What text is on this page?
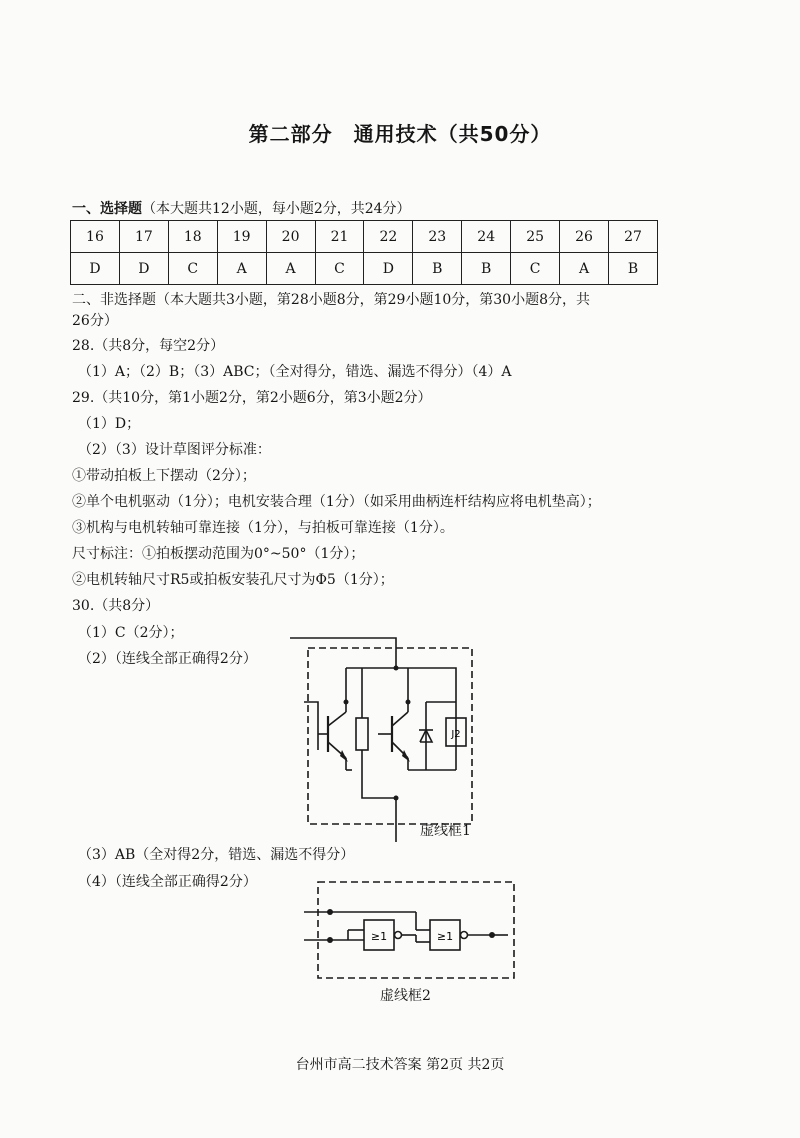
第二部分　通用技术（共50分）
一、选择题（本大题共12小题，每小题2分，共24分）
16	17	18	19	20	21	22	23	24	25	26	27
D	D	C	A	A	C	D	B	B	C	A	B
二、非选择题（本大题共3小题，第28小题8分，第29小题10分，第30小题8分，共
26分）
28.（共8分，每空2分）
（1）A；（2）B；（3）ABC；（全对得分，错选、漏选不得分）（4）A
29.（共10分，第1小题2分，第2小题6分，第3小题2分）
（1）D；
（2）（3）设计草图评分标准：
①带动拍板上下摆动（2分）；
②单个电机驱动（1分）；电机安装合理（1分）（如采用曲柄连杆结构应将电机垫高）；
③机构与电机转轴可靠连接（1分），与拍板可靠连接（1分）。
尺寸标注：①拍板摆动范围为0°~50°（1分）；
②电机转轴尺寸R5或拍板安装孔尺寸为Φ5（1分）；
30.（共8分）
（1）C（2分）；
（2）（连线全部正确得2分）
J2
虚线框1
（3）AB（全对得2分，错选、漏选不得分）
（4）（连线全部正确得2分）
≥1	≥1
虚线框2
台州市高二技术答案 第2页 共2页
